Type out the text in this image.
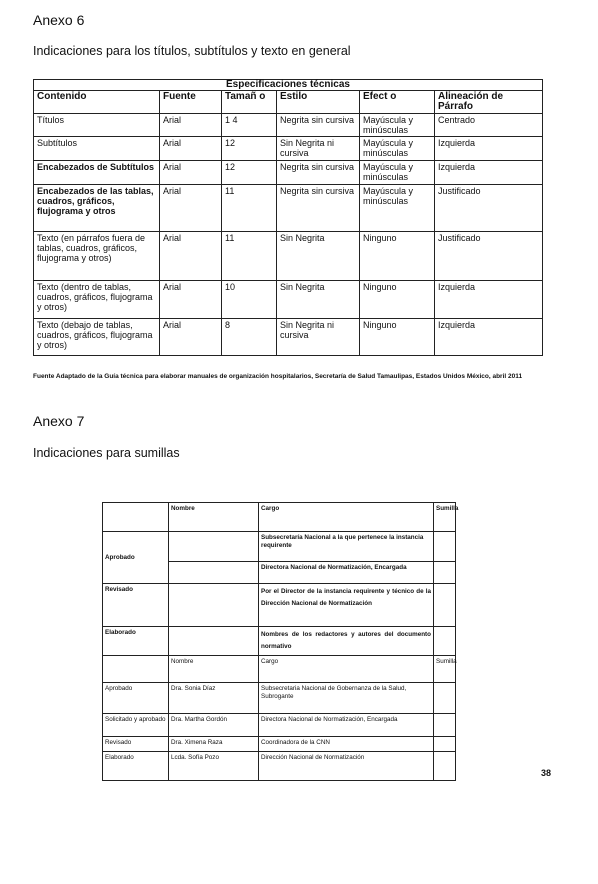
Anexo 6
Indicaciones para los títulos, subtítulos y texto en general
Especificaciones técnicas					
Contenido	Fuente	Tamañ o	Estilo	Efect o	Alineación de Párrafo
Títulos	Arial	1 4	Negrita sin cursiva	Mayúscula y minúsculas	Centrado
Subtítulos	Arial	12	Sin Negrita ni cursiva	Mayúscula y minúsculas	Izquierda
Encabezados de Subtítulos	Arial	12	Negrita sin cursiva	Mayúscula y minúsculas	Izquierda
Encabezados de las tablas, cuadros, gráficos, flujograma y otros	Arial	11	Negrita sin cursiva	Mayúscula y minúsculas	Justificado
Texto (en párrafos fuera de tablas, cuadros, gráficos, flujograma y otros)	Arial	11	Sin Negrita	Ninguno	Justificado
Texto (dentro de tablas, cuadros, gráficos, flujograma y otros)	Arial	10	Sin Negrita	Ninguno	Izquierda
Texto (debajo de tablas, cuadros, gráficos, flujograma y otros)	Arial	8	Sin Negrita ni cursiva	Ninguno	Izquierda
Fuente Adaptado de la Guía técnica para elaborar manuales de organización hospitalarios, Secretaría de Salud Tamaulipas, Estados Unidos México, abril 2011
Anexo 7
Indicaciones para sumillas
	Nombre	Cargo	Sumilla
Aprobado		Subsecretaría Nacional a la que pertenece la instancia requirente	
		Directora Nacional de Normatización, Encargada	
Revisado		Por el Director de la instancia requirente y técnico de la Dirección Nacional de Normatización	
Elaborado		Nombres de los redactores y autores del documento normativo	
	Nombre	Cargo	Sumilla
Aprobado	Dra. Sonia Díaz	Subsecretaria Nacional de Gobernanza de la Salud, Subrogante	
Solicitado y aprobado	Dra. Martha Gordón	Directora Nacional de Normatización, Encargada	
Revisado	Dra. Ximena Raza	Coordinadora de la CNN	
Elaborado	Lcda. Sofía Pozo	Dirección Nacional de Normatización	
38
